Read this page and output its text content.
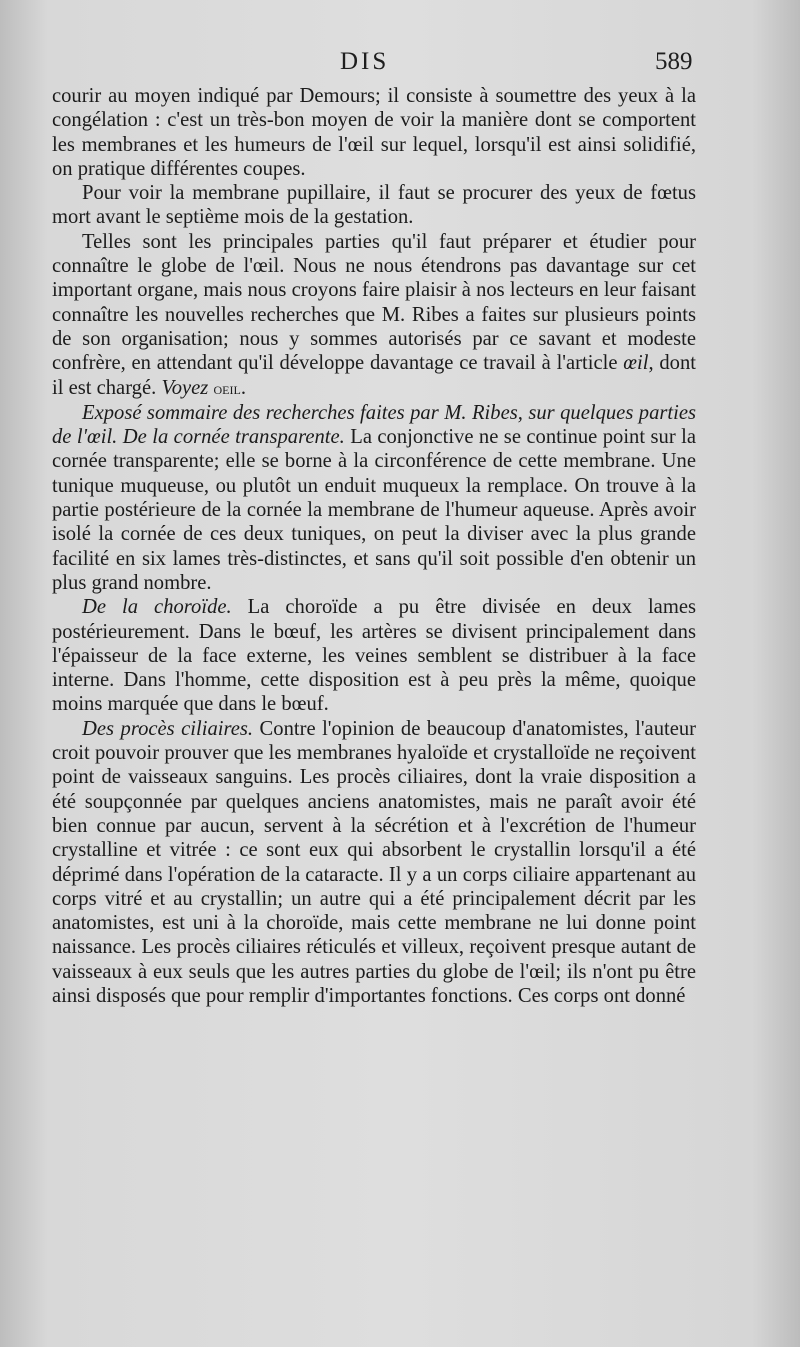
DIS	589

courir au moyen indiqué par Demours; il consiste à soumettre des yeux à la congélation : c'est un très-bon moyen de voir la manière dont se comportent les membranes et les humeurs de l'œil sur lequel, lorsqu'il est ainsi solidifié, on pratique différentes coupes.

Pour voir la membrane pupillaire, il faut se procurer des yeux de fœtus mort avant le septième mois de la gestation.

Telles sont les principales parties qu'il faut préparer et étudier pour connaître le globe de l'œil. Nous ne nous étendrons pas davantage sur cet important organe, mais nous croyons faire plaisir à nos lecteurs en leur faisant connaître les nouvelles recherches que M. Ribes a faites sur plusieurs points de son organisation; nous y sommes autorisés par ce savant et modeste confrère, en attendant qu'il développe davantage ce travail à l'article œil, dont il est chargé. Voyez oeil.

Exposé sommaire des recherches faites par M. Ribes, sur quelques parties de l'œil. De la cornée transparente. La conjonctive ne se continue point sur la cornée transparente; elle se borne à la circonférence de cette membrane. Une tunique muqueuse, ou plutôt un enduit muqueux la remplace. On trouve à la partie postérieure de la cornée la membrane de l'humeur aqueuse. Après avoir isolé la cornée de ces deux tuniques, on peut la diviser avec la plus grande facilité en six lames très-distinctes, et sans qu'il soit possible d'en obtenir un plus grand nombre.

De la choroïde. La choroïde a pu être divisée en deux lames postérieurement. Dans le bœuf, les artères se divisent principalement dans l'épaisseur de la face externe, les veines semblent se distribuer à la face interne. Dans l'homme, cette disposition est à peu près la même, quoique moins marquée que dans le bœuf.

Des procès ciliaires. Contre l'opinion de beaucoup d'anatomistes, l'auteur croit pouvoir prouver que les membranes hyaloïde et crystalloïde ne reçoivent point de vaisseaux sanguins. Les procès ciliaires, dont la vraie disposition a été soupçonnée par quelques anciens anatomistes, mais ne paraît avoir été bien connue par aucun, servent à la sécrétion et à l'excrétion de l'humeur crystalline et vitrée : ce sont eux qui absorbent le crystallin lorsqu'il a été déprimé dans l'opération de la cataracte. Il y a un corps ciliaire appartenant au corps vitré et au crystallin; un autre qui a été principalement décrit par les anatomistes, est uni à la choroïde, mais cette membrane ne lui donne point naissance. Les procès ciliaires réticulés et villeux, reçoivent presque autant de vaisseaux à eux seuls que les autres parties du globe de l'œil; ils n'ont pu être ainsi disposés que pour remplir d'importantes fonctions. Ces corps ont donné
